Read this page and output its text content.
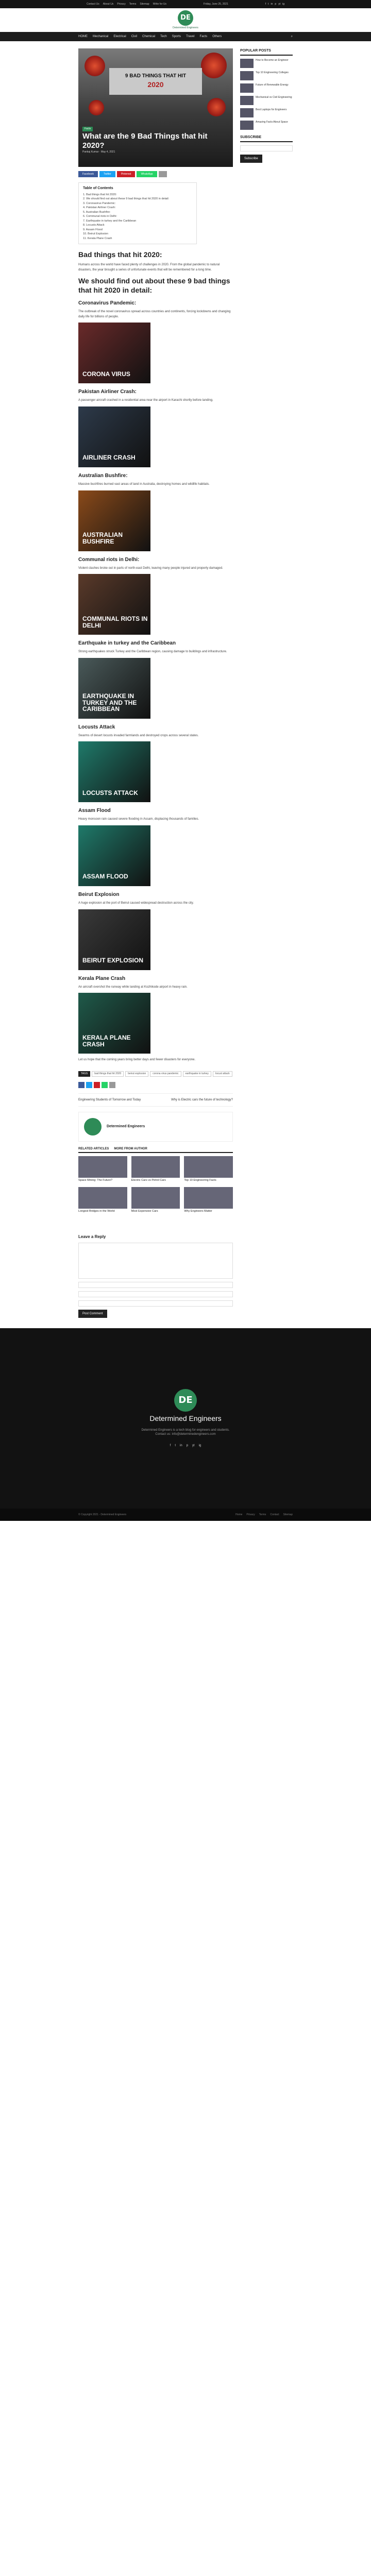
Contact Us About Us Privacy Terms Sitemap Write for Us	Friday, June 25, 2021	f t in p yt ig
DE
Determined Engineers
HOME Mechanical Electrical Civil Chemical Tech Sports Travel Facts Others	⌕
9 BAD THINGS THAT HIT
2020
Facts
What are the 9 Bad Things that hit 2020?
Pankaj Kumar · May 4, 2021
Facebook	Twitter	Pinterest	WhatsApp
Table of Contents
1. Bad things that hit 2020:
2. We should find out about these 9 bad things that hit 2020 in detail:
3. Coronavirus Pandemic:
4. Pakistan Airliner Crash:
5. Australian Bushfire:
6. Communal riots in Delhi:
7. Earthquake in turkey and the Caribbean
8. Locusts Attack
9. Assam Flood
10. Beirut Explosion
11. Kerala Plane Crash
Bad things that hit 2020:

Humans across the world have faced plenty of challenges in 2020. From the global pandemic to natural disasters, the year brought a series of unfortunate events that will be remembered for a long time.

We should find out about these 9 bad things that hit 2020 in detail:
Coronavirus Pandemic:

The outbreak of the novel coronavirus spread across countries and continents, forcing lockdowns and changing daily life for billions of people.

CORONA VIRUS
Pakistan Airliner Crash:

A passenger aircraft crashed in a residential area near the airport in Karachi shortly before landing.

AIRLINER CRASH
Australian Bushfire:

Massive bushfires burned vast areas of land in Australia, destroying homes and wildlife habitats.

AUSTRALIAN BUSHFIRE
Communal riots in Delhi:

Violent clashes broke out in parts of north-east Delhi, leaving many people injured and property damaged.

COMMUNAL RIOTS IN DELHI
Earthquake in turkey and the Caribbean

Strong earthquakes struck Turkey and the Caribbean region, causing damage to buildings and infrastructure.

EARTHQUAKE IN TURKEY AND THE CARIBBEAN
Locusts Attack

Swarms of desert locusts invaded farmlands and destroyed crops across several states.

LOCUSTS ATTACK
Assam Flood

Heavy monsoon rain caused severe flooding in Assam, displacing thousands of families.

ASSAM FLOOD
Beirut Explosion

A huge explosion at the port of Beirut caused widespread destruction across the city.

BEIRUT EXPLOSION
Kerala Plane Crash

An aircraft overshot the runway while landing at Kozhikode airport in heavy rain.

KERALA PLANE CRASH

Let us hope that the coming years bring better days and fewer disasters for everyone.

TAGS	bad things that hit 2020	beirut explosion	corona virus pandemic	earthquake in turkey	locust attack
Engineering Students of Tomorrow and Today	Why is Electric cars the future of technology?
Determined Engineers
RELATED ARTICLES MORE FROM AUTHOR
Space Mining: The Future?	Electric Cars vs Petrol Cars	Top 10 Engineering Facts
Longest Bridges in the World	Most Expensive Cars	Why Engineers Matter
Leave a Reply
Post Comment
POPULAR POSTS
How to Become an Engineer
Top 10 Engineering Colleges
Future of Renewable Energy
Mechanical vs Civil Engineering
Best Laptops for Engineers
Amazing Facts About Space
SUBSCRIBE
Subscribe
DE
Determined Engineers
Determined Engineers is a tech blog for engineers and students.
Contact us: info@determinedengineers.com
f t in p yt ig
© Copyright 2021 - Determined Engineers	Home Privacy Terms Contact Sitemap
